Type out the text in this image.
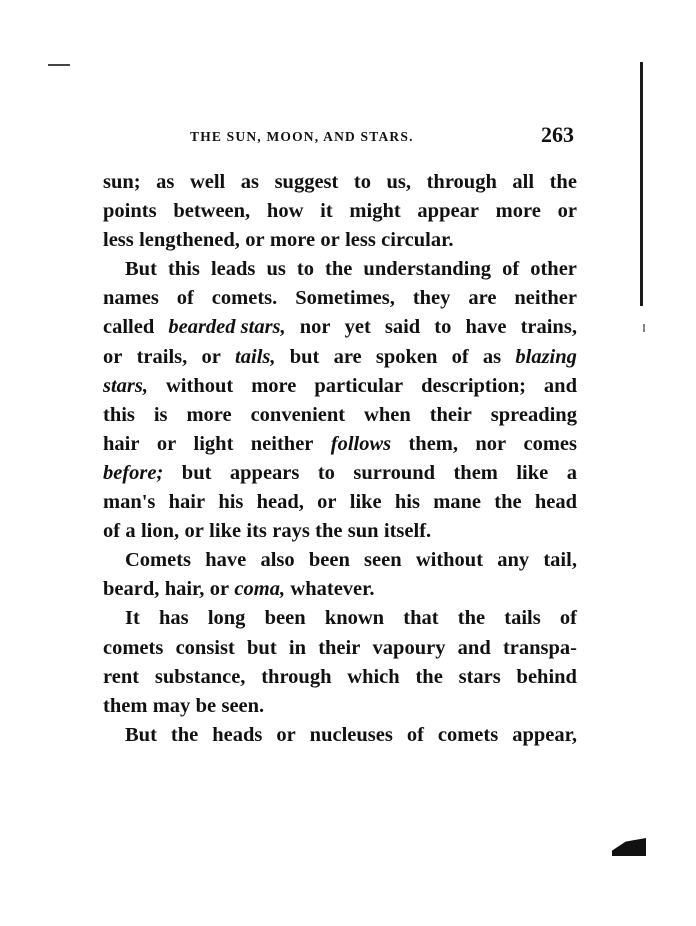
THE SUN, MOON, AND STARS.	263
sun; as well as suggest to us, through all the
points between, how it might appear more or
less lengthened, or more or less circular.
But this leads us to the understanding of other
names of comets. Sometimes, they are neither
called bearded stars, nor yet said to have trains,
or trails, or tails, but are spoken of as blazing
stars, without more particular description; and
this is more convenient when their spreading
hair or light neither follows them, nor comes
before; but appears to surround them like a
man's hair his head, or like his mane the head
of a lion, or like its rays the sun itself.
Comets have also been seen without any tail,
beard, hair, or coma, whatever.
It has long been known that the tails of
comets consist but in their vapoury and transpa-
rent substance, through which the stars behind
them may be seen.
But the heads or nucleuses of comets appear,
